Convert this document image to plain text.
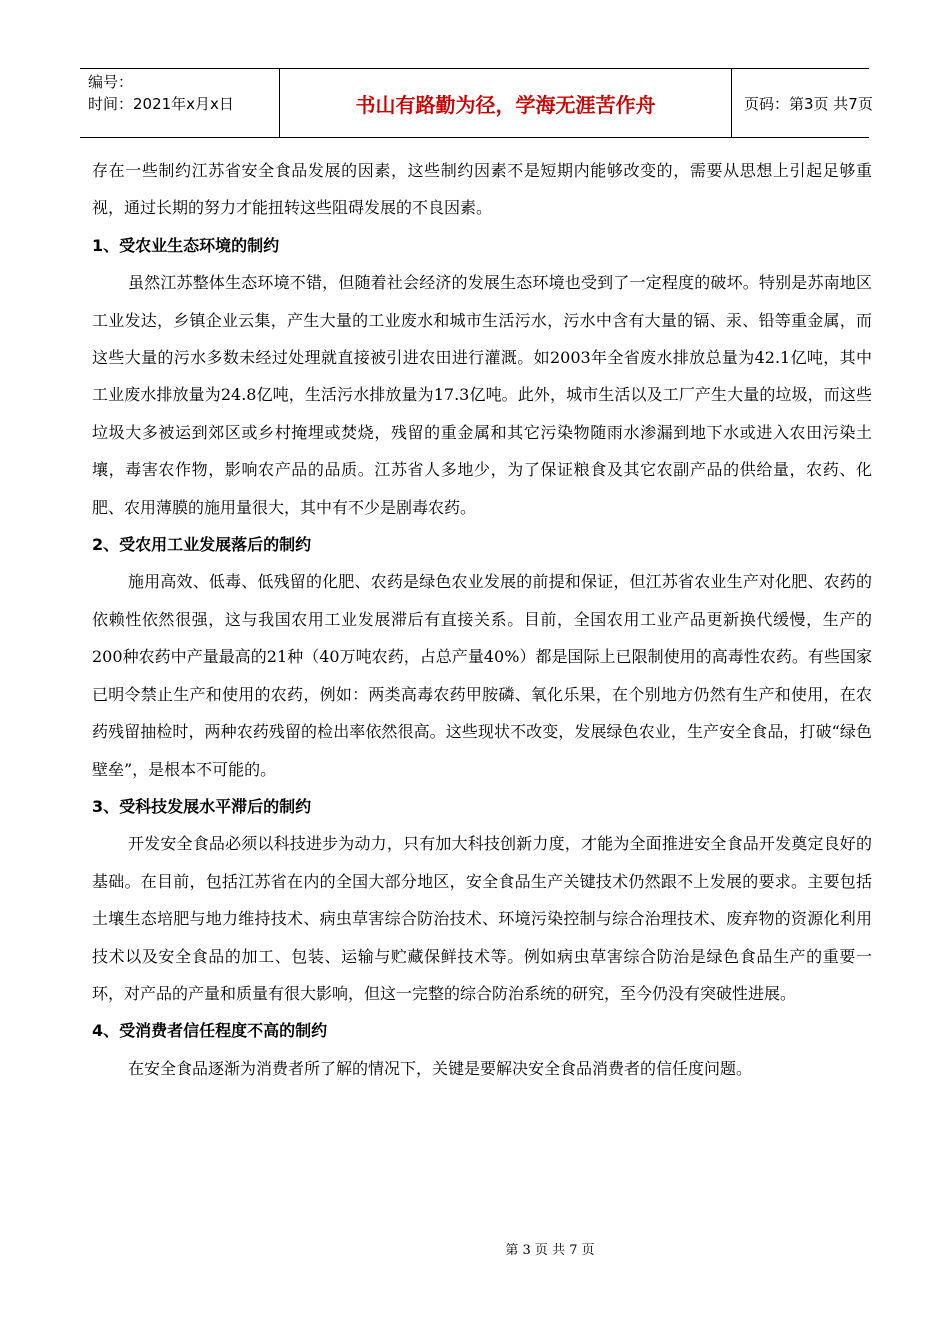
编号：
时间：2021年x月x日	书山有路勤为径，学海无涯苦作舟	页码：第3页 共7页

存在一些制约江苏省安全食品发展的因素，这些制约因素不是短期内能够改变的，需要从思想上引起足够重视，通过长期的努力才能扭转这些阻碍发展的不良因素。

1、受农业生态环境的制约

虽然江苏整体生态环境不错，但随着社会经济的发展生态环境也受到了一定程度的破坏。特别是苏南地区工业发达，乡镇企业云集，产生大量的工业废水和城市生活污水，污水中含有大量的镉、汞、铅等重金属，而这些大量的污水多数未经过处理就直接被引进农田进行灌溉。如2003年全省废水排放总量为42.1亿吨，其中工业废水排放量为24.8亿吨，生活污水排放量为17.3亿吨。此外，城市生活以及工厂产生大量的垃圾，而这些垃圾大多被运到郊区或乡村掩埋或焚烧，残留的重金属和其它污染物随雨水渗漏到地下水或进入农田污染土壤，毒害农作物，影响农产品的品质。江苏省人多地少，为了保证粮食及其它农副产品的供给量，农药、化肥、农用薄膜的施用量很大，其中有不少是剧毒农药。

2、受农用工业发展落后的制约

施用高效、低毒、低残留的化肥、农药是绿色农业发展的前提和保证，但江苏省农业生产对化肥、农药的依赖性依然很强，这与我国农用工业发展滞后有直接关系。目前，全国农用工业产品更新换代缓慢，生产的200种农药中产量最高的21种（40万吨农药，占总产量40%）都是国际上已限制使用的高毒性农药。有些国家已明令禁止生产和使用的农药，例如：两类高毒农药甲胺磷、氧化乐果，在个别地方仍然有生产和使用，在农药残留抽检时，两种农药残留的检出率依然很高。这些现状不改变，发展绿色农业，生产安全食品，打破“绿色壁垒”，是根本不可能的。

3、受科技发展水平滞后的制约

开发安全食品必须以科技进步为动力，只有加大科技创新力度，才能为全面推进安全食品开发奠定良好的基础。在目前，包括江苏省在内的全国大部分地区，安全食品生产关键技术仍然跟不上发展的要求。主要包括土壤生态培肥与地力维持技术、病虫草害综合防治技术、环境污染控制与综合治理技术、废弃物的资源化利用技术以及安全食品的加工、包装、运输与贮藏保鲜技术等。例如病虫草害综合防治是绿色食品生产的重要一环，对产品的产量和质量有很大影响，但这一完整的综合防治系统的研究，至今仍没有突破性进展。

4、受消费者信任程度不高的制约

在安全食品逐渐为消费者所了解的情况下，关键是要解决安全食品消费者的信任度问题。

第 3 页 共 7 页
